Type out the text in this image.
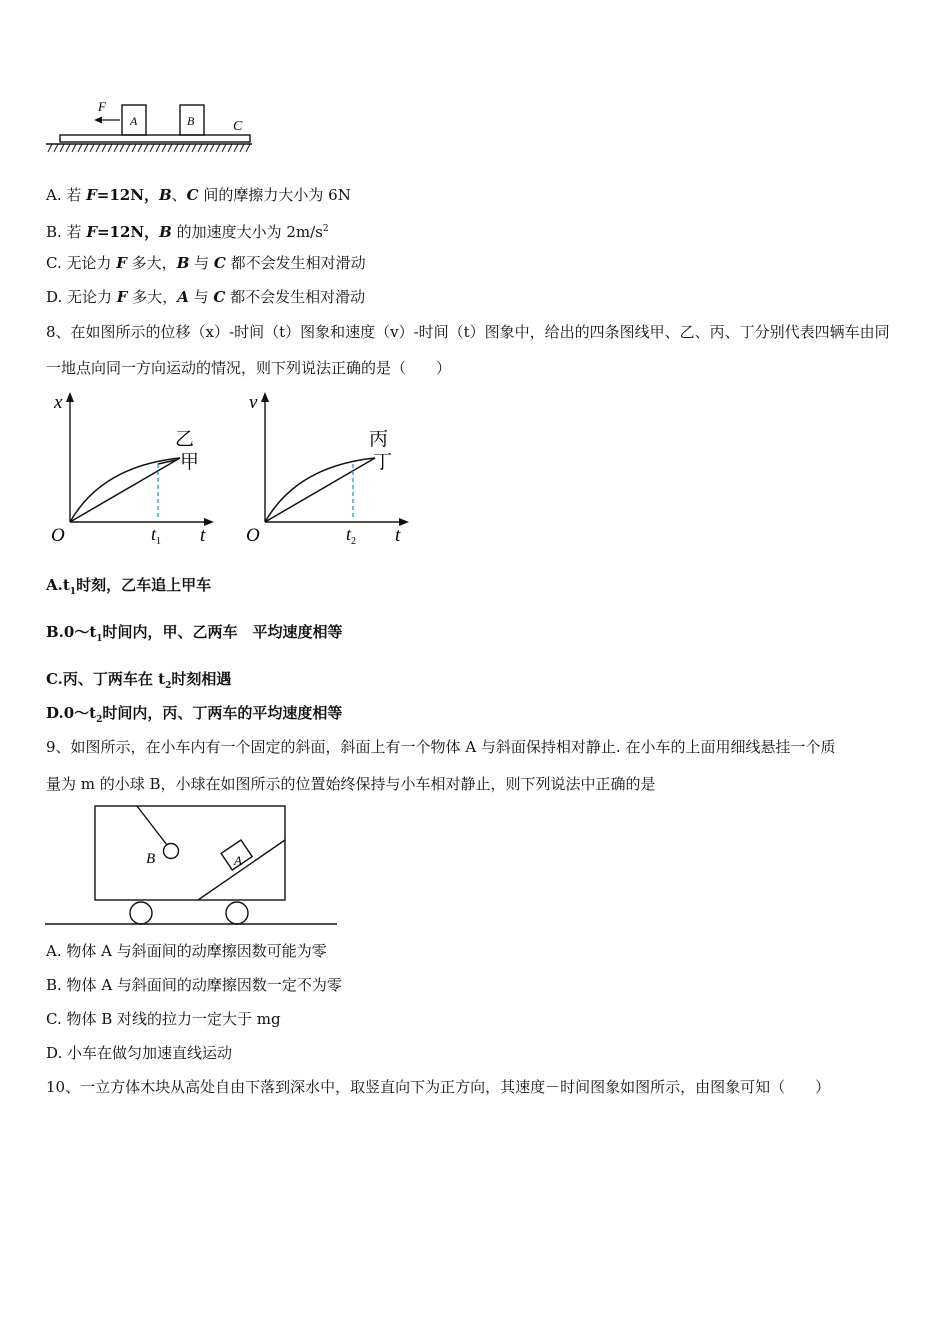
F
A	B	C
A. 若 F=12N，B、C 间的摩擦力大小为 6N
B. 若 F=12N，B 的加速度大小为 $2m/s^2$
C. 无论力 F 多大，B 与 C 都不会发生相对滑动
D. 无论力 F 多大，A 与 C 都不会发生相对滑动
8、在如图所示的位移（x）-时间（t）图象和速度（v）-时间（t）图象中，给出的四条图线甲、乙、丙、丁分别代表四辆车由同
一地点向同一方向运动的情况，则下列说法正确的是（　　）
x
t
O	$t_1$
乙
甲
v
t
O	$t_2$
丙
丁
$A.t_1$时刻，乙车追上甲车
$B.0\sim t_1$时间内，甲、乙两车　平均速度相等
C.丙、丁两车在 $t_2$时刻相遇
$D.0\sim t_2$时间内，丙、丁两车的平均速度相等
9、如图所示，在小车内有一个固定的斜面，斜面上有一个物体 A 与斜面保持相对静止. 在小车的上面用细线悬挂一个质
量为 m 的小球 B，小球在如图所示的位置始终保持与小车相对静止，则下列说法中正确的是
B	A
A. 物体 A 与斜面间的动摩擦因数可能为零
B. 物体 A 与斜面间的动摩擦因数一定不为零
C. 物体 B 对线的拉力一定大于 mg
D. 小车在做匀加速直线运动
10、一立方体木块从高处自由下落到深水中，取竖直向下为正方向，其速度－时间图象如图所示，由图象可知（　　）
